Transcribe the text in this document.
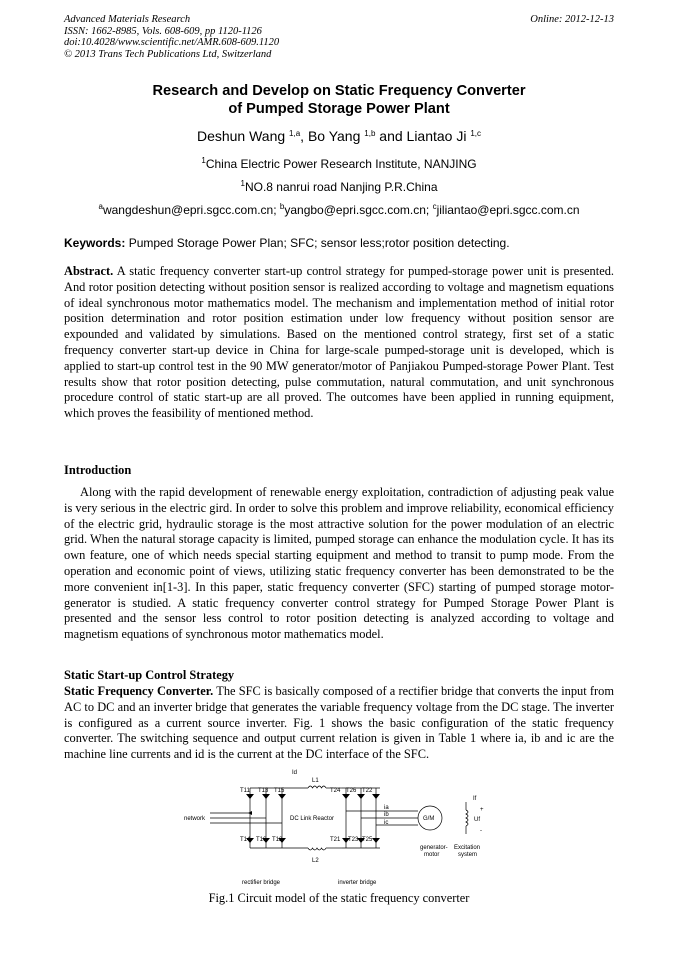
Advanced Materials Research
ISSN: 1662-8985, Vols. 608-609, pp 1120-1126
doi:10.4028/www.scientific.net/AMR.608-609.1120
© 2013 Trans Tech Publications Ltd, Switzerland
Online: 2012-12-13
Research and Develop on Static Frequency Converter
of Pumped Storage Power Plant
Deshun Wang $^{1,a}$, Bo Yang $^{1,b}$ and Liantao Ji $^{1,c}$
$^1$China Electric Power Research Institute, NANJING
$^1$NO.8 nanrui road Nanjing P.R.China
$^a$wangdeshun@epri.sgcc.com.cn; $^b$yangbo@epri.sgcc.com.cn; $^c$jiliantao@epri.sgcc.com.cn
Keywords: Pumped Storage Power Plan; SFC; sensor less;rotor position detecting.
Abstract. A static frequency converter start-up control strategy for pumped-storage power unit is presented. And rotor position detecting without position sensor is realized according to voltage and magnetism equations of ideal synchronous motor mathematics model. The mechanism and implementation method of initial rotor position determination and rotor position estimation under low frequency without position sensor are expounded and validated by simulations. Based on the mentioned control strategy, first set of a static frequency converter start-up device in China for large-scale pumped-storage unit is developed, which is applied to start-up control test in the 90 MW generator/motor of Panjiakou Pumped-storage Power Plant. Test results show that rotor position detecting, pulse commutation, natural commutation, and unit synchronous procedure control of static start-up are all proved. The outcomes have been applied in running equipment, which proves the feasibility of mentioned method.
Introduction
Along with the rapid development of renewable energy exploitation, contradiction of adjusting peak value is very serious in the electric gird. In order to solve this problem and improve reliability, economical efficiency of the electric grid, hydraulic storage is the most attractive solution for the power modulation of an electric grid. When the natural storage capacity is limited, pumped storage can enhance the modulation cycle. It has its own feature, one of which needs special starting equipment and method to transit to pump mode. From the operation and economic point of views, utilizing static frequency converter has been demonstrated to be the more convenient in[1-3]. In this paper, static frequency converter (SFC) starting of pumped storage motor-generator is studied. A static frequency converter control strategy for Pumped Storage Power Plant is presented and the sensor less control to rotor position detecting is analyzed according to voltage and magnetism equations of synchronous motor mathematics model.
Static Start-up Control Strategy
Static Frequency Converter. The SFC is basically composed of a rectifier bridge that converts the input from AC to DC and an inverter bridge that generates the variable frequency voltage from the DC stage. The inverter is configured as a current source inverter. Fig. 1 shows the basic configuration of the static frequency converter. The switching sequence and output current relation is given in Table 1 where ia, ib and ic are the machine line currents and id is the current at the DC interface of the SFC.
network	DC Link Reactor
Id
L1
L2
T11 T13 T15
T14 T16 T12
T24 T26 T22
T21 T23 T25
ia
ib
ic
G/M
generator-
motor
Excitation
system
If
Uf
+
-
rectifier bridge	inverter bridge
Fig.1 Circuit model of the static frequency converter
